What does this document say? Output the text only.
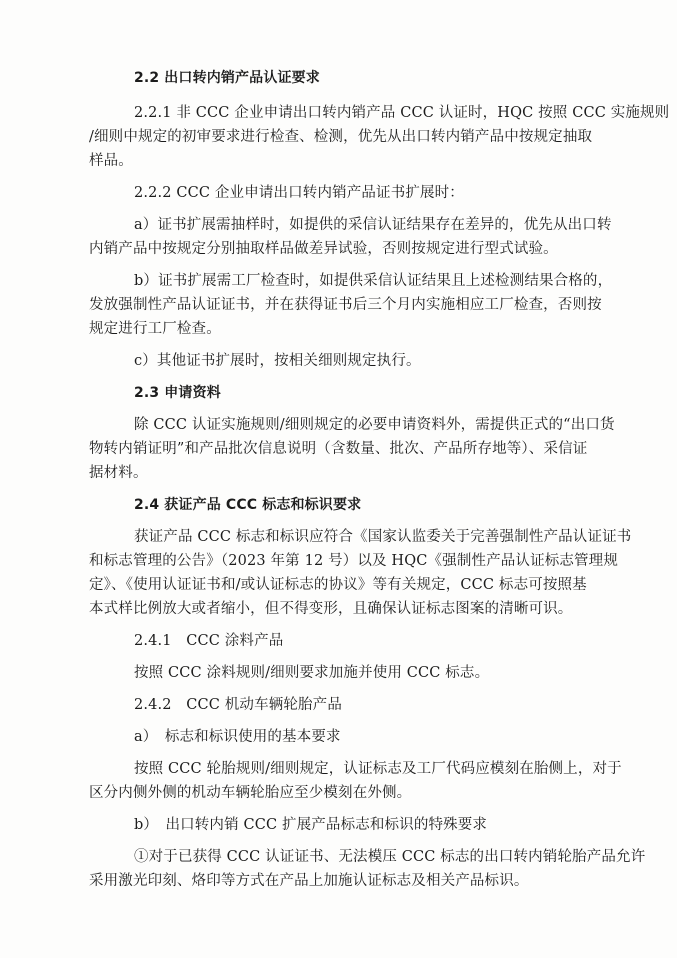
2.2 出口转内销产品认证要求

2.2.1 非 CCC 企业申请出口转内销产品 CCC 认证时，HQC 按照 CCC 实施规则

/细则中规定的初审要求进行检查、检测，优先从出口转内销产品中按规定抽取

样品。

2.2.2 CCC 企业申请出口转内销产品证书扩展时：

a）证书扩展需抽样时，如提供的采信认证结果存在差异的，优先从出口转

内销产品中按规定分别抽取样品做差异试验，否则按规定进行型式试验。

b）证书扩展需工厂检查时，如提供采信认证结果且上述检测结果合格的，

发放强制性产品认证证书，并在获得证书后三个月内实施相应工厂检查，否则按

规定进行工厂检查。

c）其他证书扩展时，按相关细则规定执行。

2.3 申请资料

除 CCC 认证实施规则/细则规定的必要申请资料外，需提供正式的“出口货

物转内销证明”和产品批次信息说明（含数量、批次、产品所存地等）、采信证

据材料。

2.4 获证产品 CCC 标志和标识要求

获证产品 CCC 标志和标识应符合《国家认监委关于完善强制性产品认证证书

和标志管理的公告》（2023 年第 12 号）以及 HQC《强制性产品认证标志管理规

定》、《使用认证证书和/或认证标志的协议》等有关规定，CCC 标志可按照基

本式样比例放大或者缩小，但不得变形，且确保认证标志图案的清晰可识。

2.4.1　CCC 涂料产品

按照 CCC 涂料规则/细则要求加施并使用 CCC 标志。

2.4.2　CCC 机动车辆轮胎产品

a）　标志和标识使用的基本要求

按照 CCC 轮胎规则/细则规定，认证标志及工厂代码应模刻在胎侧上，对于

区分内侧外侧的机动车辆轮胎应至少模刻在外侧。

b）　出口转内销 CCC 扩展产品标志和标识的特殊要求

①对于已获得 CCC 认证证书、无法模压 CCC 标志的出口转内销轮胎产品允许

采用激光印刻、烙印等方式在产品上加施认证标志及相关产品标识。
